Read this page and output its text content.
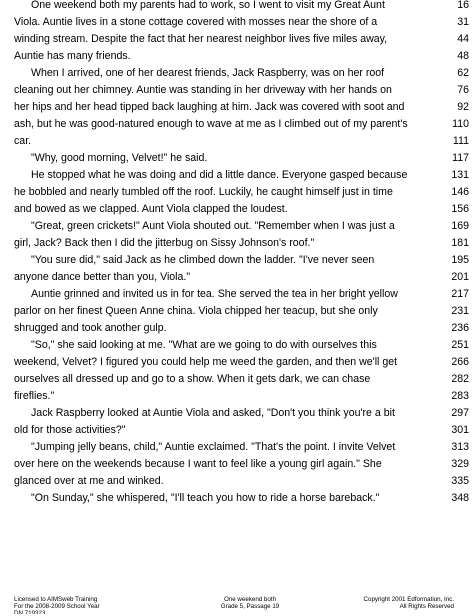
One weekend both my parents had to work, so I went to visit my Great Aunt	16
Viola. Auntie lives in a stone cottage covered with mosses near the shore of a	31
winding stream. Despite the fact that her nearest neighbor lives five miles away,	44
Auntie has many friends.	48
When I arrived, one of her dearest friends, Jack Raspberry, was on her roof	62
cleaning out her chimney. Auntie was standing in her driveway with her hands on	76
her hips and her head tipped back laughing at him. Jack was covered with soot and	92
ash, but he was good-natured enough to wave at me as I climbed out of my parent's	110
car.	111
"Why, good morning, Velvet!" he said.	117
He stopped what he was doing and did a little dance. Everyone gasped because	131
he bobbled and nearly tumbled off the roof. Luckily, he caught himself just in time	146
and bowed as we clapped. Aunt Viola clapped the loudest.	156
"Great, green crickets!" Aunt Viola shouted out. "Remember when I was just a	169
girl, Jack? Back then I did the jitterbug on Sissy Johnson's roof."	181
"You sure did," said Jack as he climbed down the ladder. "I've never seen	195
anyone dance better than you, Viola."	201
Auntie grinned and invited us in for tea. She served the tea in her bright yellow	217
parlor on her finest Queen Anne china. Viola chipped her teacup, but she only	231
shrugged and took another gulp.	236
"So," she said looking at me. "What are we going to do with ourselves this	251
weekend, Velvet? I figured you could help me weed the garden, and then we'll get	266
ourselves all dressed up and go to a show. When it gets dark, we can chase	282
fireflies."	283
Jack Raspberry looked at Auntie Viola and asked, "Don't you think you're a bit	297
old for those activities?"	301
"Jumping jelly beans, child," Auntie exclaimed. "That's the point. I invite Velvet	313
over here on the weekends because I want to feel like a young girl again." She	329
glanced over at me and winked.	335
"On Sunday," she whispered, "I'll teach you how to ride a horse bareback."	348
Licensed to AIMSweb Training
For the 2008-2009 School Year
DN 719323
One weekend both
Grade 5, Passage 19
Copyright 2001 Edformation, Inc.
All Rights Reserved
